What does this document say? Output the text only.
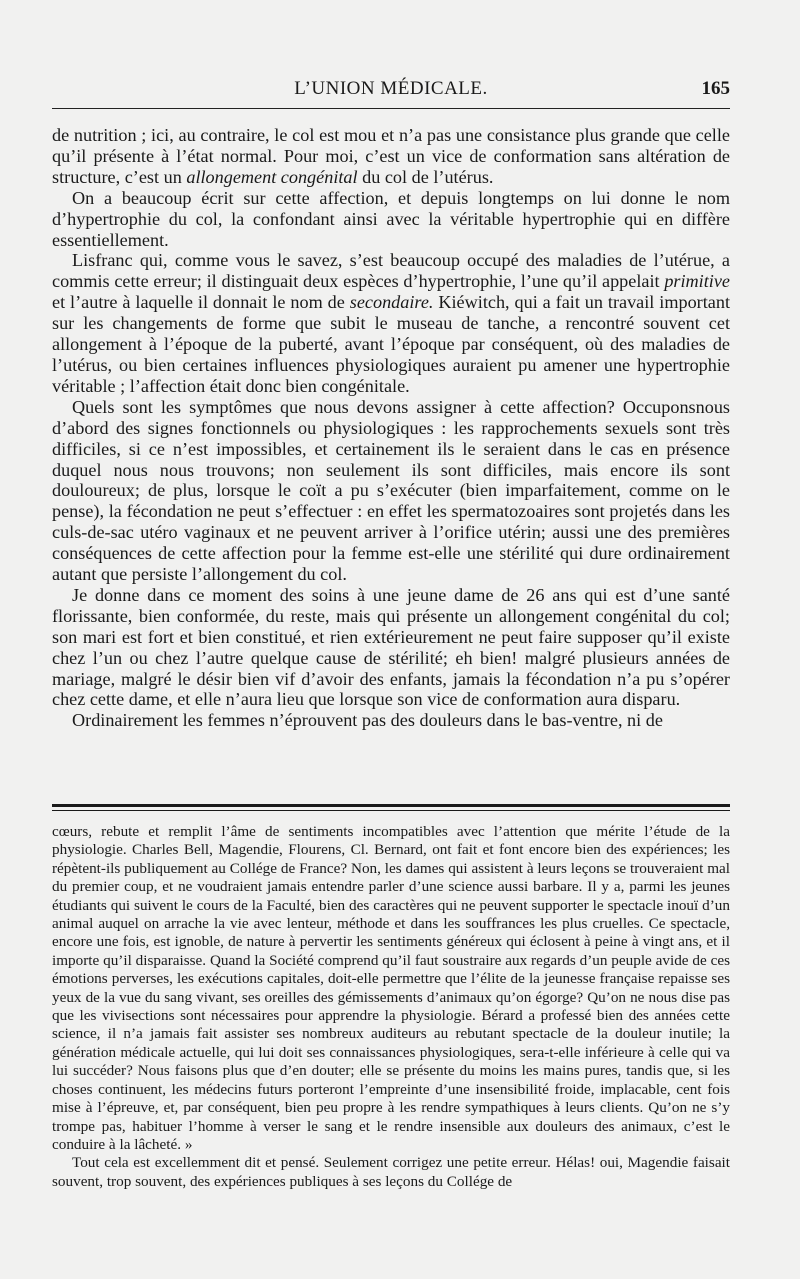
L’UNION MÉDICALE.	165

de nutrition ; ici, au contraire, le col est mou et n’a pas une consistance plus grande que celle qu’il présente à l’état normal. Pour moi, c’est un vice de conformation sans altération de structure, c’est un allongement congénital du col de l’utérus.

On a beaucoup écrit sur cette affection, et depuis longtemps on lui donne le nom d’hypertrophie du col, la confondant ainsi avec la véritable hypertrophie qui en diffère essentiellement.

Lisfranc qui, comme vous le savez, s’est beaucoup occupé des maladies de l’utérue, a commis cette erreur; il distinguait deux espèces d’hypertrophie, l’une qu’il appelait primitive et l’autre à laquelle il donnait le nom de secondaire. Kiéwitch, qui a fait un travail important sur les changements de forme que subit le museau de tanche, a rencontré souvent cet allongement à l’époque de la puberté, avant l’époque par conséquent, où des maladies de l’utérus, ou bien certaines influences physiologiques auraient pu amener une hypertrophie véritable ; l’affection était donc bien congénitale.

Quels sont les symptômes que nous devons assigner à cette affection? Occuponsnous d’abord des signes fonctionnels ou physiologiques : les rapprochements sexuels sont très difficiles, si ce n’est impossibles, et certainement ils le seraient dans le cas en présence duquel nous nous trouvons; non seulement ils sont difficiles, mais encore ils sont douloureux; de plus, lorsque le coït a pu s’exécuter (bien imparfaitement, comme on le pense), la fécondation ne peut s’effectuer : en effet les spermatozoaires sont projetés dans les culs-de-sac utéro vaginaux et ne peuvent arriver à l’orifice utérin; aussi une des premières conséquences de cette affection pour la femme est-elle une stérilité qui dure ordinairement autant que persiste l’allongement du col.

Je donne dans ce moment des soins à une jeune dame de 26 ans qui est d’une santé florissante, bien conformée, du reste, mais qui présente un allongement congénital du col; son mari est fort et bien constitué, et rien extérieurement ne peut faire supposer qu’il existe chez l’un ou chez l’autre quelque cause de stérilité; eh bien! malgré plusieurs années de mariage, malgré le désir bien vif d’avoir des enfants, jamais la fécondation n’a pu s’opérer chez cette dame, et elle n’aura lieu que lorsque son vice de conformation aura disparu.

Ordinairement les femmes n’éprouvent pas des douleurs dans le bas-ventre, ni de

cœurs, rebute et remplit l’âme de sentiments incompatibles avec l’attention que mérite l’étude de la physiologie. Charles Bell, Magendie, Flourens, Cl. Bernard, ont fait et font encore bien des expériences; les répètent-ils publiquement au Collége de France? Non, les dames qui assistent à leurs leçons se trouveraient mal du premier coup, et ne voudraient jamais entendre parler d’une science aussi barbare. Il y a, parmi les jeunes étudiants qui suivent le cours de la Faculté, bien des caractères qui ne peuvent supporter le spectacle inouï d’un animal auquel on arrache la vie avec lenteur, méthode et dans les souffrances les plus cruelles. Ce spectacle, encore une fois, est ignoble, de nature à pervertir les sentiments généreux qui éclosent à peine à vingt ans, et il importe qu’il disparaisse. Quand la Société comprend qu’il faut soustraire aux regards d’un peuple avide de ces émotions perverses, les exécutions capitales, doit-elle permettre que l’élite de la jeunesse française repaisse ses yeux de la vue du sang vivant, ses oreilles des gémissements d’animaux qu’on égorge? Qu’on ne nous dise pas que les vivisections sont nécessaires pour apprendre la physiologie. Bérard a professé bien des années cette science, il n’a jamais fait assister ses nombreux auditeurs au rebutant spectacle de la douleur inutile; la génération médicale actuelle, qui lui doit ses connaissances physiologiques, sera-t-elle inférieure à celle qui va lui succéder? Nous faisons plus que d’en douter; elle se présente du moins les mains pures, tandis que, si les choses continuent, les médecins futurs porteront l’empreinte d’une insensibilité froide, implacable, cent fois mise à l’épreuve, et, par conséquent, bien peu propre à les rendre sympathiques à leurs clients. Qu’on ne s’y trompe pas, habituer l’homme à verser le sang et le rendre insensible aux douleurs des animaux, c’est le conduire à la lâcheté. »

Tout cela est excellemment dit et pensé. Seulement corrigez une petite erreur. Hélas! oui, Magendie faisait souvent, trop souvent, des expériences publiques à ses leçons du Collége de
